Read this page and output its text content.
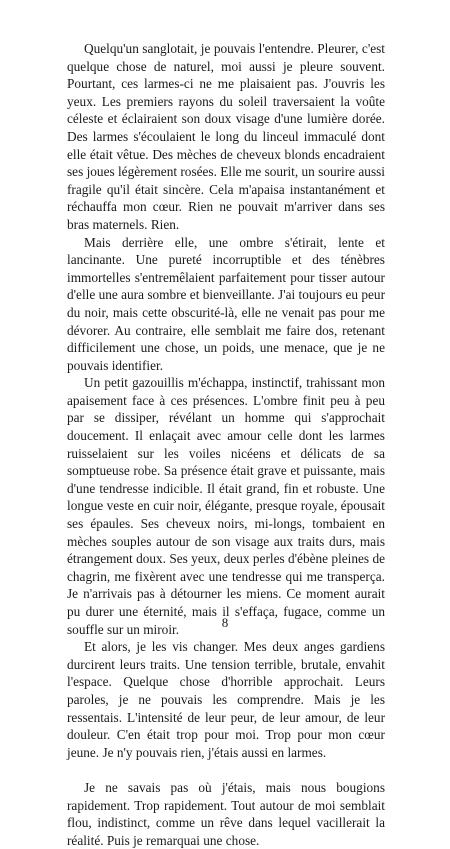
Quelqu'un sanglotait, je pouvais l'entendre. Pleurer, c'est quelque chose de naturel, moi aussi je pleure souvent. Pourtant, ces larmes-ci ne me plaisaient pas. J'ouvris les yeux. Les premiers rayons du soleil traversaient la voûte céleste et éclairaient son doux visage d'une lumière dorée. Des larmes s'écoulaient le long du linceul immaculé dont elle était vêtue. Des mèches de cheveux blonds encadraient ses joues légèrement rosées. Elle me sourit, un sourire aussi fragile qu'il était sincère. Cela m'apaisa instantanément et réchauffa mon cœur. Rien ne pouvait m'arriver dans ses bras maternels. Rien.

Mais derrière elle, une ombre s'étirait, lente et lancinante. Une pureté incorruptible et des ténèbres immortelles s'entremêlaient parfaitement pour tisser autour d'elle une aura sombre et bienveillante. J'ai toujours eu peur du noir, mais cette obscurité-là, elle ne venait pas pour me dévorer. Au contraire, elle semblait me faire dos, retenant difficilement une chose, un poids, une menace, que je ne pouvais identifier.

Un petit gazouillis m'échappa, instinctif, trahissant mon apaisement face à ces présences. L'ombre finit peu à peu par se dissiper, révélant un homme qui s'approchait doucement. Il enlaçait avec amour celle dont les larmes ruisselaient sur les voiles nicéens et délicats de sa somptueuse robe. Sa présence était grave et puissante, mais d'une tendresse indicible. Il était grand, fin et robuste. Une longue veste en cuir noir, élégante, presque royale, épousait ses épaules. Ses cheveux noirs, mi-longs, tombaient en mèches souples autour de son visage aux traits durs, mais étrangement doux. Ses yeux, deux perles d'ébène pleines de chagrin, me fixèrent avec une tendresse qui me transperça. Je n'arrivais pas à détourner les miens. Ce moment aurait pu durer une éternité, mais il s'effaça, fugace, comme un souffle sur un miroir.

Et alors, je les vis changer. Mes deux anges gardiens durcirent leurs traits. Une tension terrible, brutale, envahit l'espace. Quelque chose d'horrible approchait. Leurs paroles, je ne pouvais les comprendre. Mais je les ressentais. L'intensité de leur peur, de leur amour, de leur douleur. C'en était trop pour moi. Trop pour mon cœur jeune. Je n'y pouvais rien, j'étais aussi en larmes.

Je ne savais pas où j'étais, mais nous bougions rapidement. Trop rapidement. Tout autour de moi semblait flou, indistinct, comme un rêve dans lequel vacillerait la réalité. Puis je remarquai une chose.

8
